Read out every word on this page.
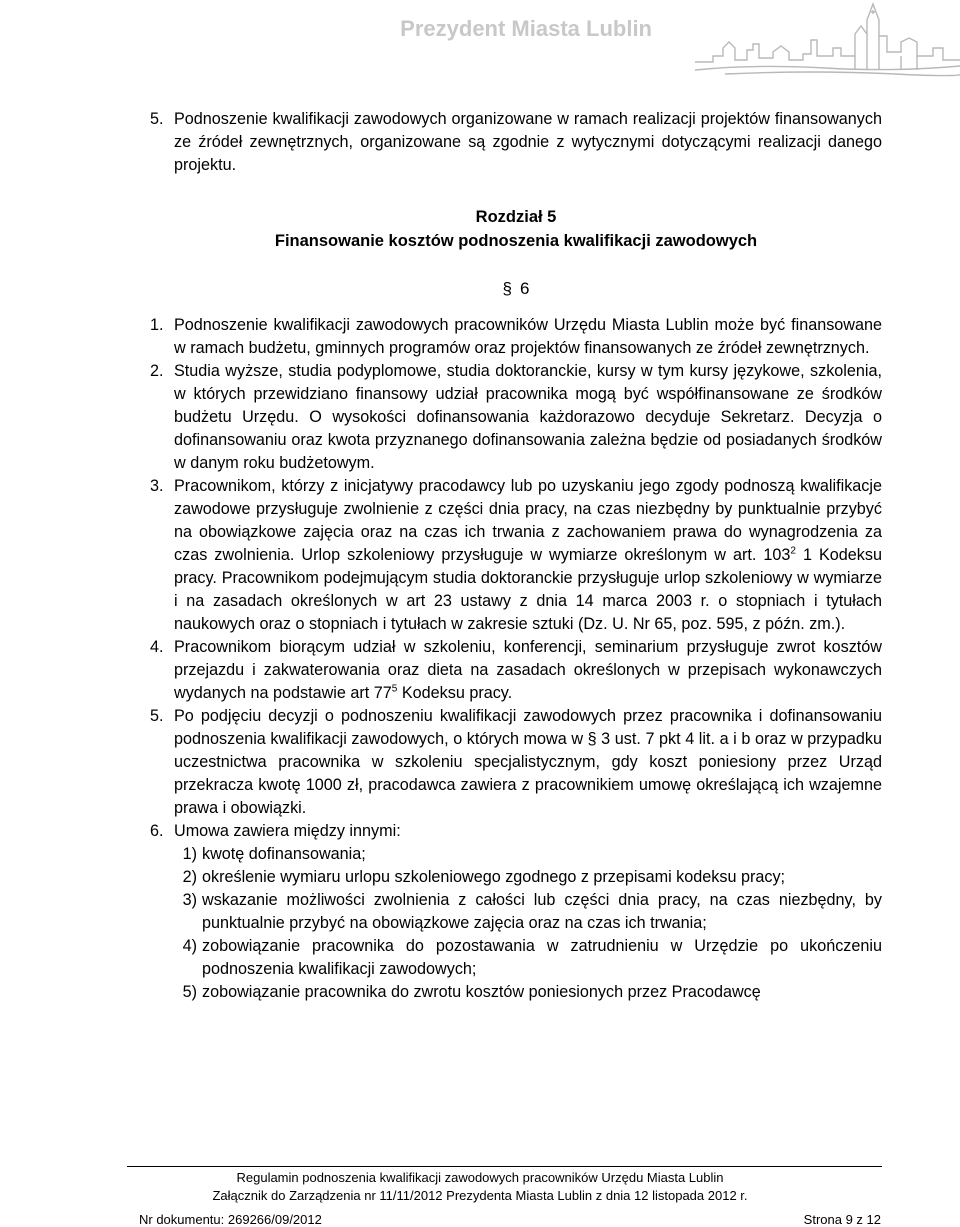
Prezydent Miasta Lublin
5. Podnoszenie kwalifikacji zawodowych organizowane w ramach realizacji projektów finansowanych ze źródeł zewnętrznych, organizowane są zgodnie z wytycznymi dotyczącymi realizacji danego projektu.
Rozdział 5
Finansowanie kosztów podnoszenia kwalifikacji zawodowych
§ 6
1. Podnoszenie kwalifikacji zawodowych pracowników Urzędu Miasta Lublin może być finansowane w ramach budżetu, gminnych programów oraz projektów finansowanych ze źródeł zewnętrznych.
2. Studia wyższe, studia podyplomowe, studia doktoranckie, kursy w tym kursy językowe, szkolenia, w których przewidziano finansowy udział pracownika mogą być współfinansowane ze środków budżetu Urzędu. O wysokości dofinansowania każdorazowo decyduje Sekretarz. Decyzja o dofinansowaniu oraz kwota przyznanego dofinansowania zależna będzie od posiadanych środków w danym roku budżetowym.
3. Pracownikom, którzy z inicjatywy pracodawcy lub po uzyskaniu jego zgody podnoszą kwalifikacje zawodowe przysługuje zwolnienie z części dnia pracy, na czas niezbędny by punktualnie przybyć na obowiązkowe zajęcia oraz na czas ich trwania z zachowaniem prawa do wynagrodzenia za czas zwolnienia. Urlop szkoleniowy przysługuje w wymiarze określonym w art. $103^2$ 1 Kodeksu pracy. Pracownikom podejmującym studia doktoranckie przysługuje urlop szkoleniowy w wymiarze i na zasadach określonych w art 23 ustawy z dnia 14 marca 2003 r. o stopniach i tytułach naukowych oraz o stopniach i tytułach w zakresie sztuki (Dz. U. Nr 65, poz. 595, z późn. zm.).
4. Pracownikom biorącym udział w szkoleniu, konferencji, seminarium przysługuje zwrot kosztów przejazdu i zakwaterowania oraz dieta na zasadach określonych w przepisach wykonawczych wydanych na podstawie art $77^5$ Kodeksu pracy.
5. Po podjęciu decyzji o podnoszeniu kwalifikacji zawodowych przez pracownika i dofinansowaniu podnoszenia kwalifikacji zawodowych, o których mowa w § 3 ust. 7 pkt 4 lit. a i b oraz w przypadku uczestnictwa pracownika w szkoleniu specjalistycznym, gdy koszt poniesiony przez Urząd przekracza kwotę 1000 zł, pracodawca zawiera z pracownikiem umowę określającą ich wzajemne prawa i obowiązki.
6. Umowa zawiera między innymi:
1) kwotę dofinansowania;
2) określenie wymiaru urlopu szkoleniowego zgodnego z przepisami kodeksu pracy;
3) wskazanie możliwości zwolnienia z całości lub części dnia pracy, na czas niezbędny, by punktualnie przybyć na obowiązkowe zajęcia oraz na czas ich trwania;
4) zobowiązanie pracownika do pozostawania w zatrudnieniu w Urzędzie po ukończeniu podnoszenia kwalifikacji zawodowych;
5) zobowiązanie pracownika do zwrotu kosztów poniesionych przez Pracodawcę
Regulamin podnoszenia kwalifikacji zawodowych pracowników Urzędu Miasta Lublin
Załącznik do Zarządzenia nr 11/11/2012 Prezydenta Miasta Lublin z dnia 12 listopada 2012 r.
Nr dokumentu: 269266/09/2012	Strona 9 z 12
